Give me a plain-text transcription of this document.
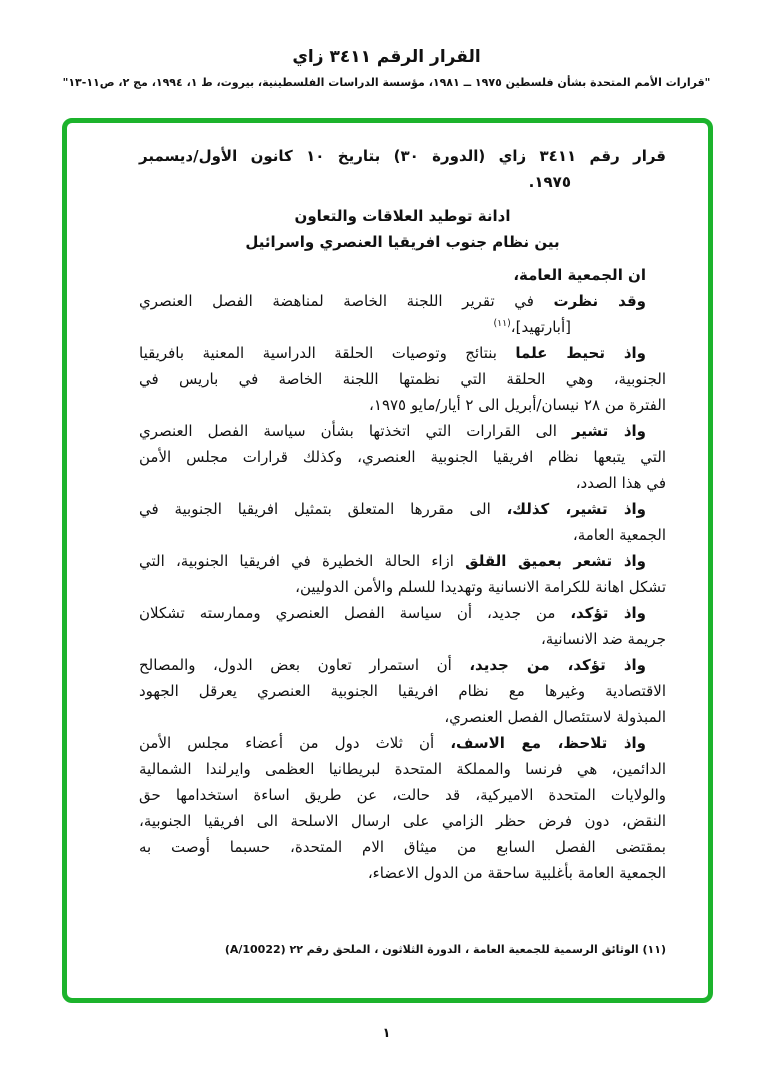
القرار الرقم ٣٤١١ زاي
"قرارات الأمم المتحدة بشأن فلسطين ١٩٧٥ ــ ١٩٨١، مؤسسة الدراسات الفلسطينية، بيروت، ط ١، ١٩٩٤، مج ٢، ص١١-١٣"
قرار رقم ٣٤١١ زاي (الدورة ٣٠) بتاريخ ١٠ كانون الأول/ديسمبر
١٩٧٥.
ادانة توطيد العلاقات والتعاون
بين نظام جنوب افريقيا العنصري واسرائيل
ان الجمعية العامة،
وقد نظرت في تقرير اللجنة الخاصة لمناهضة الفصل العنصري
[أبارتهيد]،$^{(١١)}$
واذ تحيط علما بنتائج وتوصيات الحلقة الدراسية المعنية بافريقيا
الجنوبية، وهي الحلقة التي نظمتها اللجنة الخاصة في باريس في
الفترة من ٢٨ نيسان/أبريل الى ٢ أيار/مايو ١٩٧٥،
واذ تشير الى القرارات التي اتخذتها بشأن سياسة الفصل العنصري
التي يتبعها نظام افريقيا الجنوبية العنصري، وكذلك قرارات مجلس الأمن
في هذا الصدد،
واذ تشير، كذلك، الى مقررها المتعلق بتمثيل افريقيا الجنوبية في
الجمعية العامة،
واذ تشعر بعميق القلق ازاء الحالة الخطيرة في افريقيا الجنوبية، التي
تشكل اهانة للكرامة الانسانية وتهديدا للسلم والأمن الدوليين،
واذ تؤكد، من جديد، أن سياسة الفصل العنصري وممارسته تشكلان
جريمة ضد الانسانية،
واذ تؤكد، من جديد، أن استمرار تعاون بعض الدول، والمصالح
الاقتصادية وغيرها مع نظام افريقيا الجنوبية العنصري يعرقل الجهود
المبذولة لاستئصال الفصل العنصري،
واذ تلاحظ، مع الاسف، أن ثلاث دول من أعضاء مجلس الأمن
الدائمين، هي فرنسا والمملكة المتحدة لبريطانيا العظمى وايرلندا الشمالية
والولايات المتحدة الاميركية، قد حالت، عن طريق اساءة استخدامها حق
النقض، دون فرض حظر الزامي على ارسال الاسلحة الى افريقيا الجنوبية،
بمقتضى الفصل السابع من ميثاق الام المتحدة، حسبما أوصت به
الجمعية العامة بأغلبية ساحقة من الدول الاعضاء،
(١١) الوثائق الرسمية للجمعية العامة ، الدورة الثلاثون ، الملحق رقم ٢٢ (A/10022)
١
